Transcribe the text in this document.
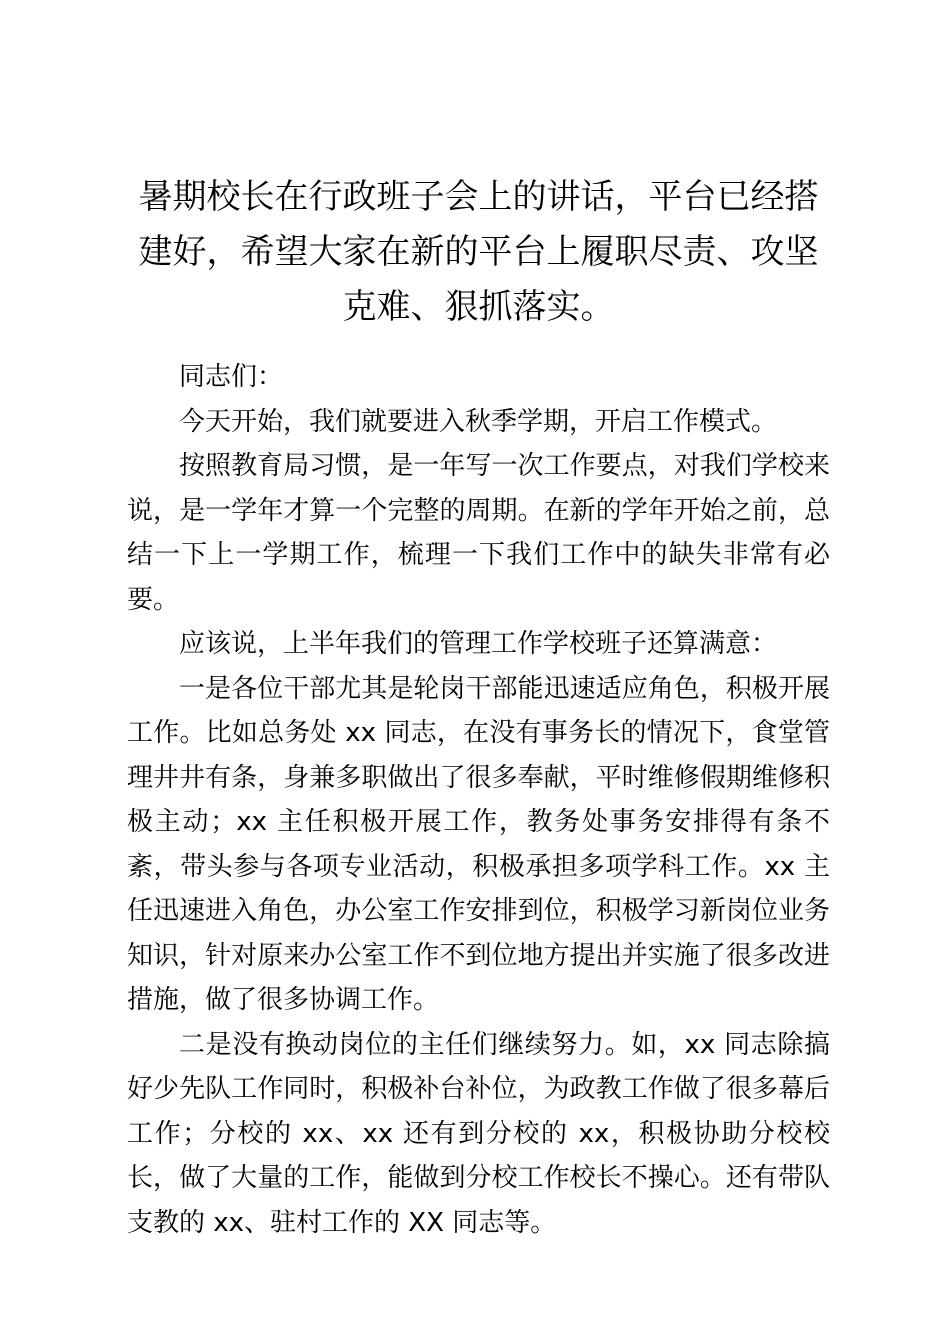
暑期校长在行政班子会上的讲话，平台已经搭建好，希望大家在新的平台上履职尽责、攻坚克难、狠抓落实。

同志们：

今天开始，我们就要进入秋季学期，开启工作模式。

按照教育局习惯，是一年写一次工作要点，对我们学校来说，是一学年才算一个完整的周期。在新的学年开始之前，总结一下上一学期工作，梳理一下我们工作中的缺失非常有必要。

应该说，上半年我们的管理工作学校班子还算满意：

一是各位干部尤其是轮岗干部能迅速适应角色，积极开展工作。比如总务处 xx 同志，在没有事务长的情况下，食堂管理井井有条，身兼多职做出了很多奉献，平时维修假期维修积极主动；xx 主任积极开展工作，教务处事务安排得有条不紊，带头参与各项专业活动，积极承担多项学科工作。xx 主任迅速进入角色，办公室工作安排到位，积极学习新岗位业务知识，针对原来办公室工作不到位地方提出并实施了很多改进措施，做了很多协调工作。

二是没有换动岗位的主任们继续努力。如，xx 同志除搞好少先队工作同时，积极补台补位，为政教工作做了很多幕后工作；分校的 xx、xx 还有到分校的 xx，积极协助分校校长，做了大量的工作，能做到分校工作校长不操心。还有带队支教的 xx、驻村工作的 XX 同志等。
